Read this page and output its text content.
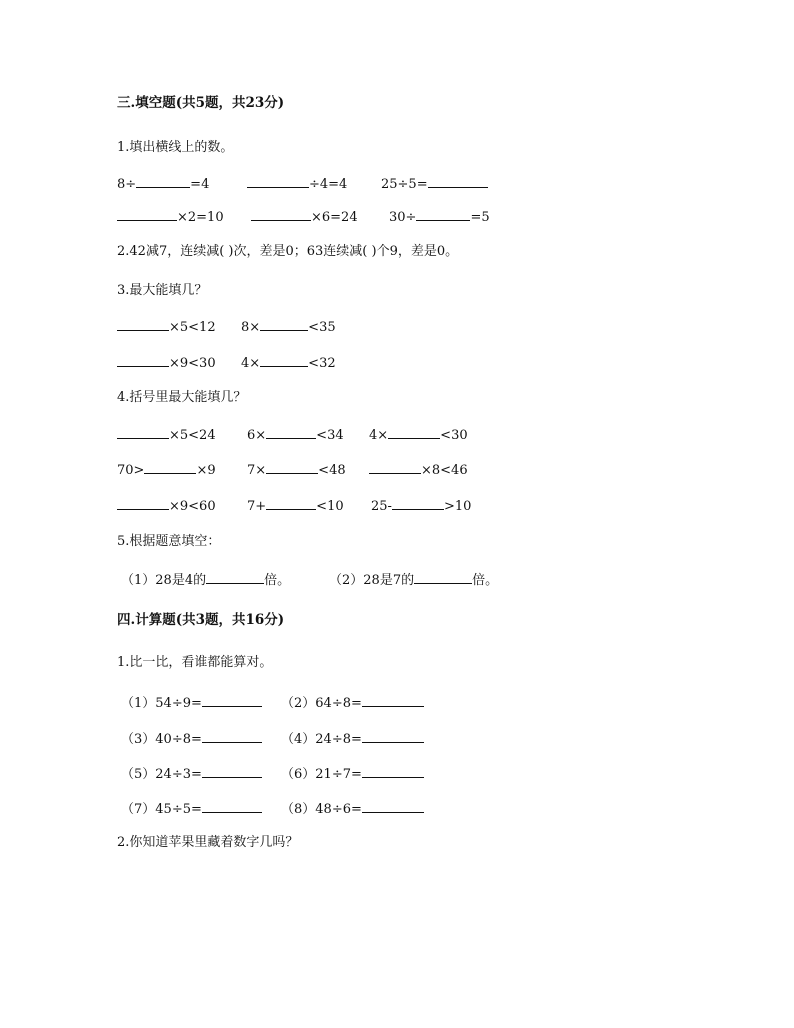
三.填空题(共5题，共23分)
1.填出横线上的数。
8÷	=4	÷4=4	25÷5=
×2=10	×6=24 30÷	=5
2.42减7，连续减( )次，差是0；63连续减( )个9，差是0。
3.最大能填几？
×5<12 8×	<35
×9<30 4×	<32
4.括号里最大能填几？
×5<24 6×	<34 4×	<30
70>	×9 7×	<48	×8<46
×9<60 7+	<10 25-	>10
5.根据题意填空：
（1）28是4的	倍。	（2）28是7的	倍。
四.计算题(共3题，共16分)
1.比一比，看谁都能算对。
（1）54÷9=	（2）64÷8=
（3）40÷8=	（4）24÷8=
（5）24÷3=	（6）21÷7=
（7）45÷5=	（8）48÷6=
2.你知道苹果里藏着数字几吗？
